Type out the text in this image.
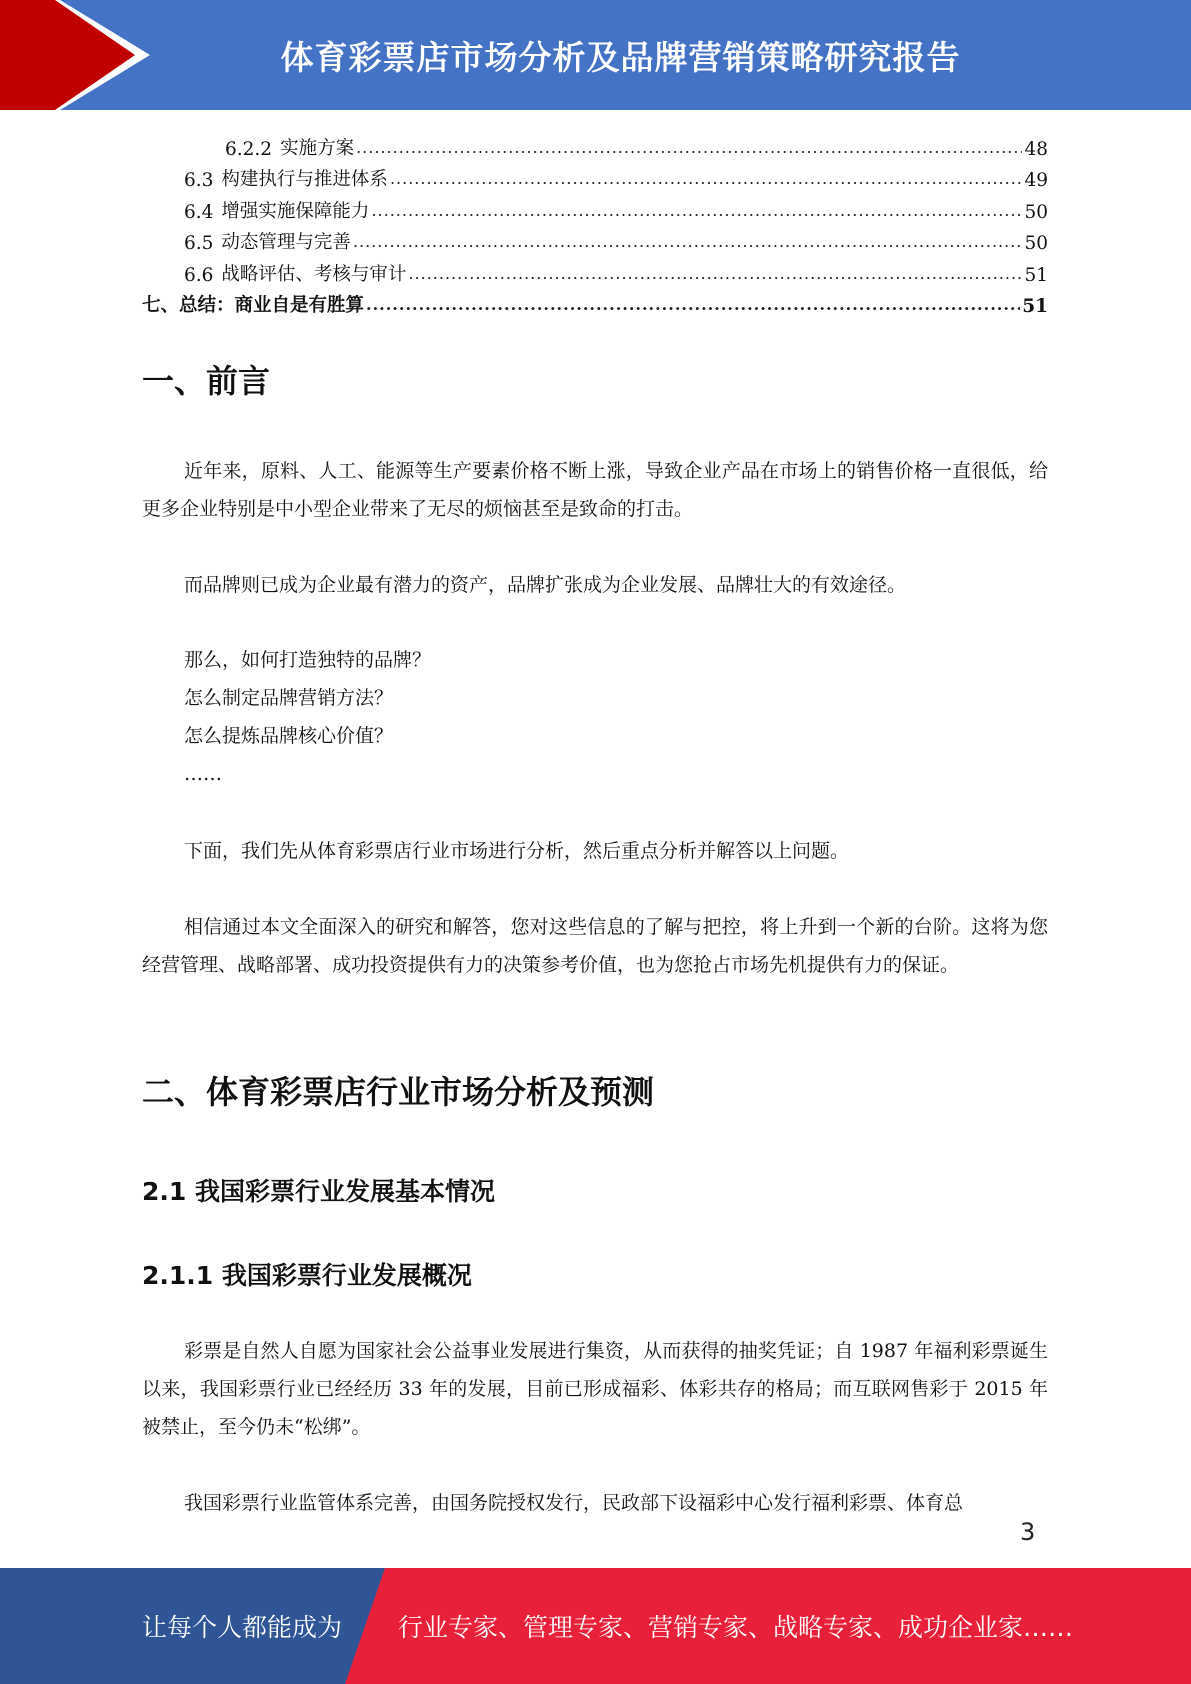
体育彩票店市场分析及品牌营销策略研究报告
6.2.2 实施方案 .....	48
6.3 构建执行与推进体系 .....	49
6.4 增强实施保障能力 .....	50
6.5 动态管理与完善 .....	50
6.6 战略评估、考核与审计 .....	51
七、总结：商业自是有胜算 .....	51
一、前言

近年来，原料、人工、能源等生产要素价格不断上涨，导致企业产品在市场上的销售价格一直很低，给更多企业特别是中小型企业带来了无尽的烦恼甚至是致命的打击。

而品牌则已成为企业最有潜力的资产，品牌扩张成为企业发展、品牌壮大的有效途径。

那么，如何打造独特的品牌？
怎么制定品牌营销方法？
怎么提炼品牌核心价值？
……

下面，我们先从体育彩票店行业市场进行分析，然后重点分析并解答以上问题。

相信通过本文全面深入的研究和解答，您对这些信息的了解与把控，将上升到一个新的台阶。这将为您经营管理、战略部署、成功投资提供有力的决策参考价值，也为您抢占市场先机提供有力的保证。

二、体育彩票店行业市场分析及预测
2.1 我国彩票行业发展基本情况
2.1.1 我国彩票行业发展概况

彩票是自然人自愿为国家社会公益事业发展进行集资，从而获得的抽奖凭证；自 1987 年福利彩票诞生以来，我国彩票行业已经经历 33 年的发展，目前已形成福彩、体彩共存的格局；而互联网售彩于 2015 年被禁止，至今仍未“松绑”。

我国彩票行业监管体系完善，由国务院授权发行，民政部下设福彩中心发行福利彩票、体育总

3
让每个人都能成为 行业专家、管理专家、营销专家、战略专家、成功企业家……
